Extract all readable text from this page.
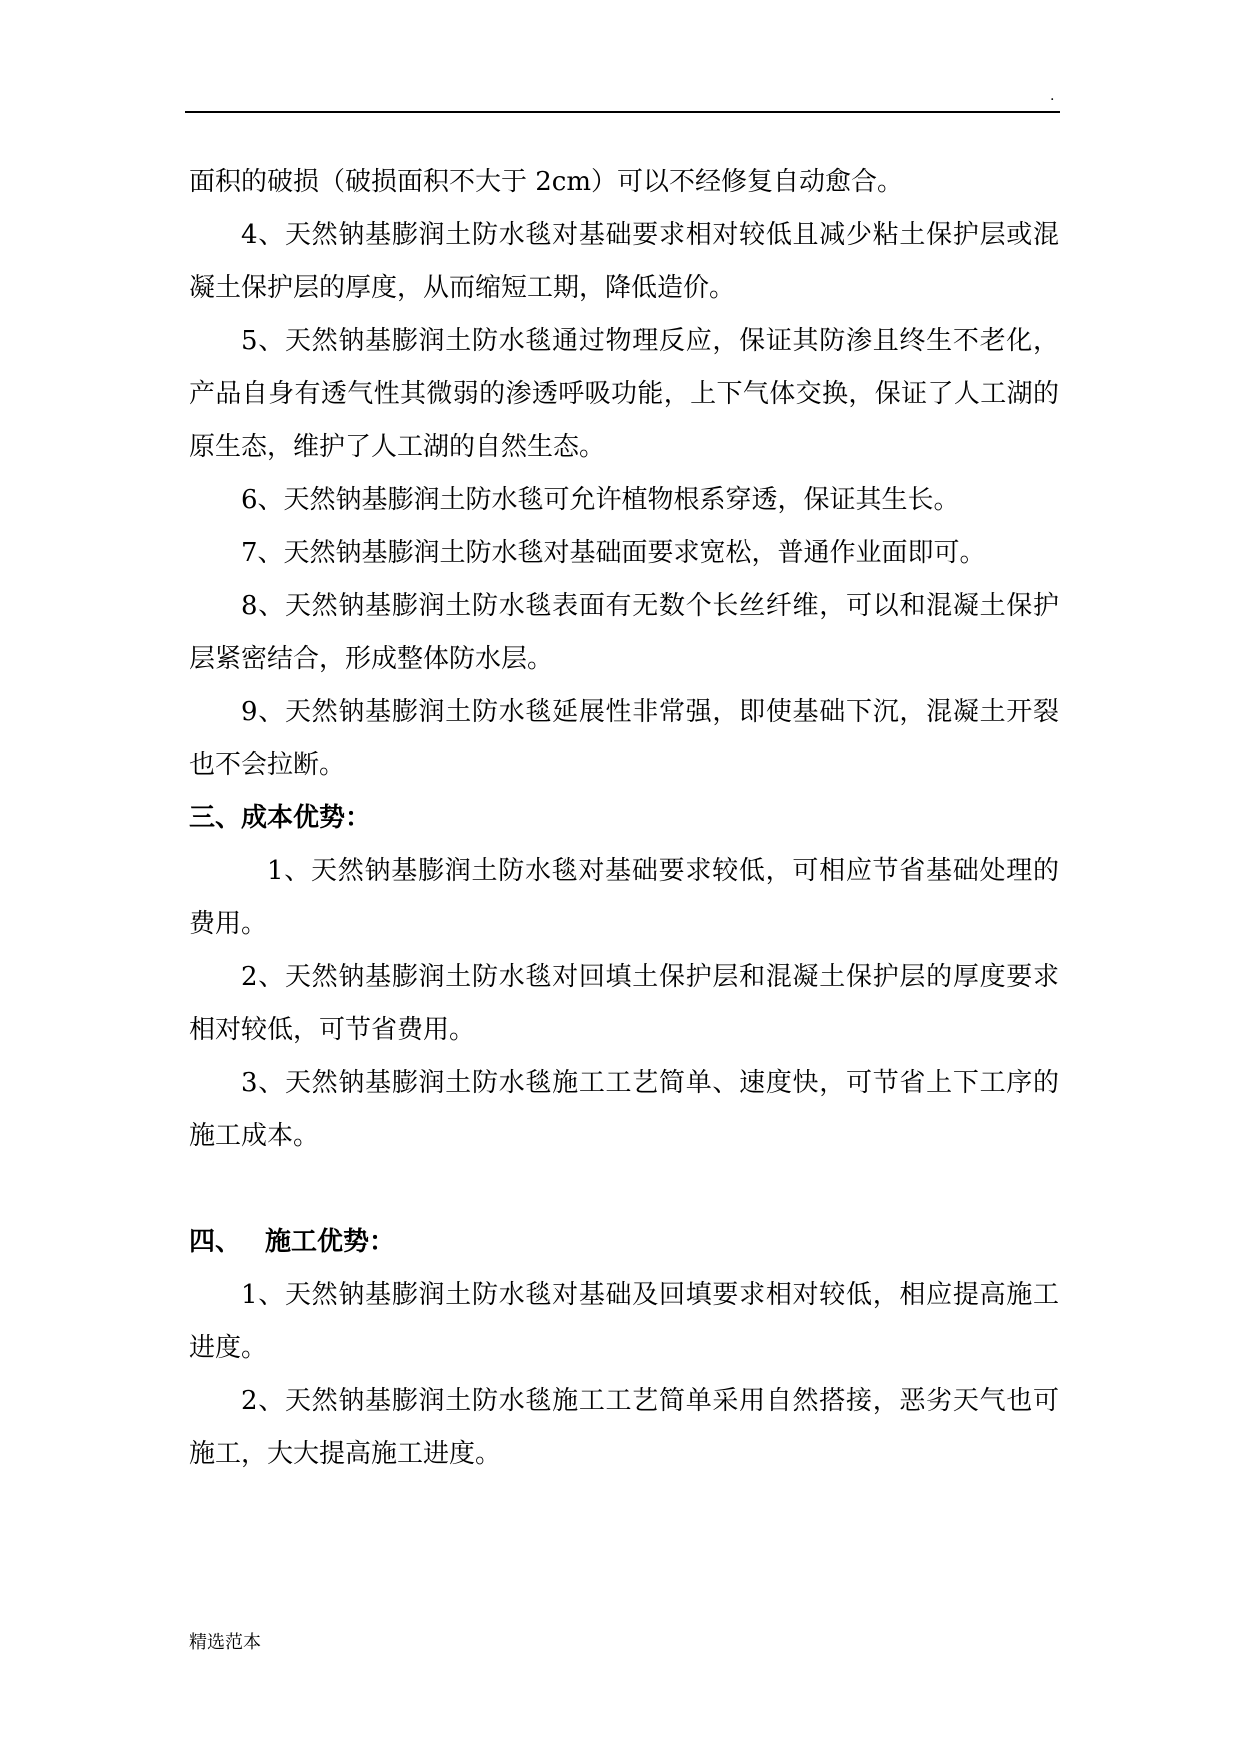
.

面积的破损（破损面积不大于 2cm）可以不经修复自动愈合。

4、天然钠基膨润土防水毯对基础要求相对较低且减少粘土保护层或混凝土保护层的厚度，从而缩短工期，降低造价。

5、天然钠基膨润土防水毯通过物理反应，保证其防渗且终生不老化，产品自身有透气性其微弱的渗透呼吸功能，上下气体交换，保证了人工湖的原生态，维护了人工湖的自然生态。

6、天然钠基膨润土防水毯可允许植物根系穿透，保证其生长。

7、天然钠基膨润土防水毯对基础面要求宽松，普通作业面即可。

8、天然钠基膨润土防水毯表面有无数个长丝纤维，可以和混凝土保护层紧密结合，形成整体防水层。

9、天然钠基膨润土防水毯延展性非常强，即使基础下沉，混凝土开裂也不会拉断。

三、成本优势：

1、天然钠基膨润土防水毯对基础要求较低，可相应节省基础处理的费用。

2、天然钠基膨润土防水毯对回填土保护层和混凝土保护层的厚度要求相对较低，可节省费用。

3、天然钠基膨润土防水毯施工工艺简单、速度快，可节省上下工序的施工成本。

四、 施工优势：

1、天然钠基膨润土防水毯对基础及回填要求相对较低，相应提高施工进度。

2、天然钠基膨润土防水毯施工工艺简单采用自然搭接，恶劣天气也可施工，大大提高施工进度。

精选范本
